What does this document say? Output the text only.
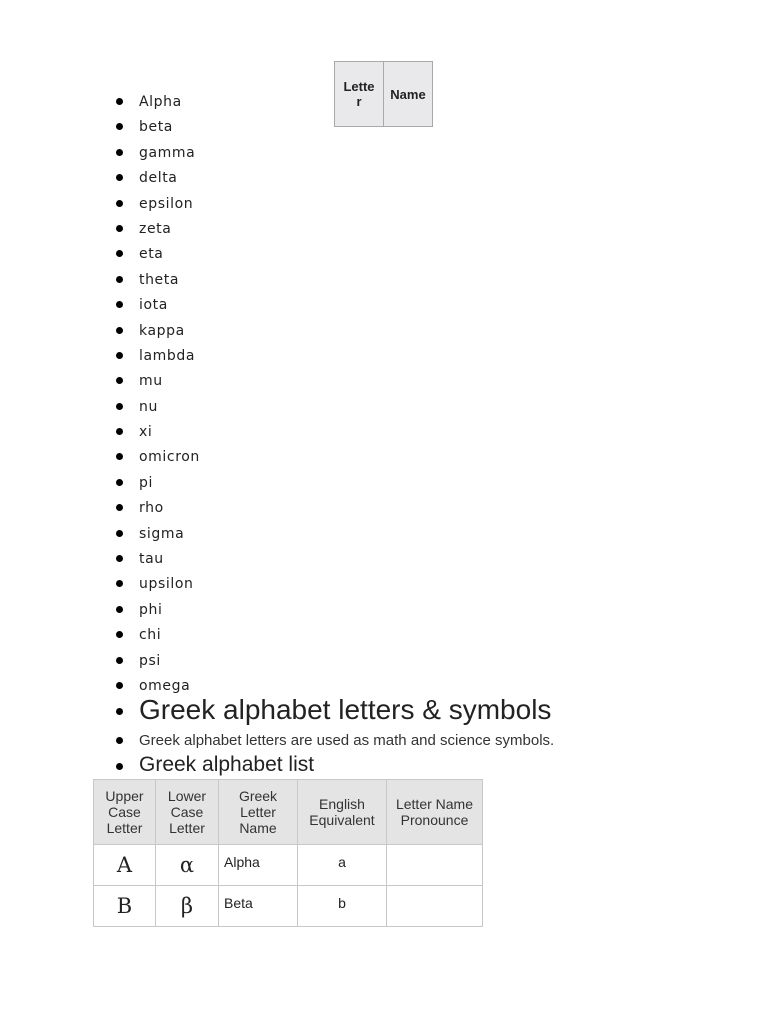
Lette
r	Name
Alpha
beta
gamma
delta
epsilon
zeta
eta
theta
iota
kappa
lambda
mu
nu
xi
omicron
pi
rho
sigma
tau
upsilon
phi
chi
psi
omega
Greek alphabet letters & symbols
Greek alphabet letters are used as math and science symbols.
Greek alphabet list
Upper Case Letter	Lower Case Letter	Greek Letter Name	English Equivalent	Letter Name Pronounce
Α	α	Alpha	a	
Β	β	Beta	b	
